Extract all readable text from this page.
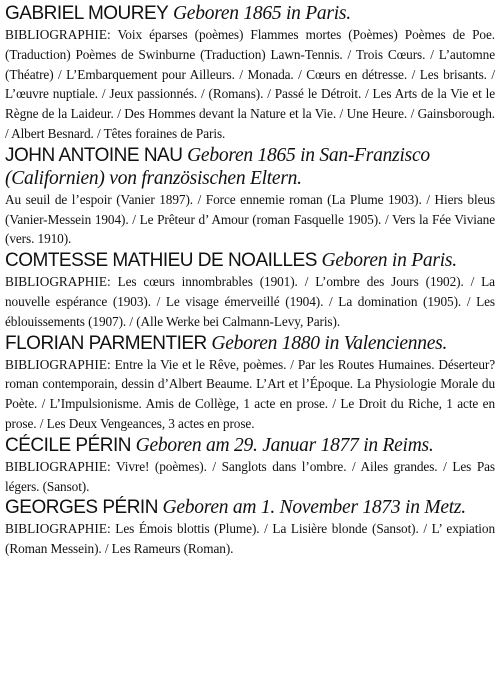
GABRIEL MOUREY Geboren 1865 in Paris.

BIBLIOGRAPHIE: Voix éparses (poèmes) Flammes mortes (Poèmes) Poèmes de Poe. (Traduction) Poèmes de Swinburne (Traduction) Lawn-Tennis. / Trois Cœurs. / L’automne (Théatre) / L’Embarquement pour Ailleurs. / Monada. / Cœurs en détresse. / Les brisants. / L’œuvre nuptiale. / Jeux passionnés. / (Romans). / Passé le Détroit. / Les Arts de la Vie et le Règne de la Laideur. / Des Hommes devant la Nature et la Vie. / Une Heure. / Gainsborough. / Albert Besnard. / Têtes foraines de Paris.

JOHN ANTOINE NAU Geboren 1865 in San-Franzisco (Californien) von französischen Eltern.

Au seuil de l’espoir (Vanier 1897). / Force ennemie roman (La Plume 1903). / Hiers bleus (Vanier-Messein 1904). / Le Prêteur d’ Amour (roman Fasquelle 1905). / Vers la Fée Viviane (vers. 1910).

COMTESSE MATHIEU DE NOAILLES Geboren in Paris.

BIBLIOGRAPHIE: Les cœurs innombrables (1901). / L’ombre des Jours (1902). / La nouvelle espérance (1903). / Le visage émerveillé (1904). / La domination (1905). / Les éblouissements (1907). / (Alle Werke bei Calmann-Levy, Paris).

FLORIAN PARMENTIER Geboren 1880 in Valenciennes.

BIBLIOGRAPHIE: Entre la Vie et le Rêve, poèmes. / Par les Routes Humaines. Déserteur? roman contemporain, dessin d’Albert Beaume. L’Art et l’Époque. La Physiologie Morale du Poète. / L’Impulsionisme. Amis de Collège, 1 acte en prose. / Le Droit du Riche, 1 acte en prose. / Les Deux Vengeances, 3 actes en prose.

CÉCILE PÉRIN Geboren am 29. Januar 1877 in Reims.

BIBLIOGRAPHIE: Vivre! (poèmes). / Sanglots dans l’ombre. / Ailes grandes. / Les Pas légers. (Sansot).

GEORGES PÉRIN Geboren am 1. November 1873 in Metz.

BIBLIOGRAPHIE: Les Émois blottis (Plume). / La Lisière blonde (Sansot). / L’ expiation (Roman Messein). / Les Rameurs (Roman).
